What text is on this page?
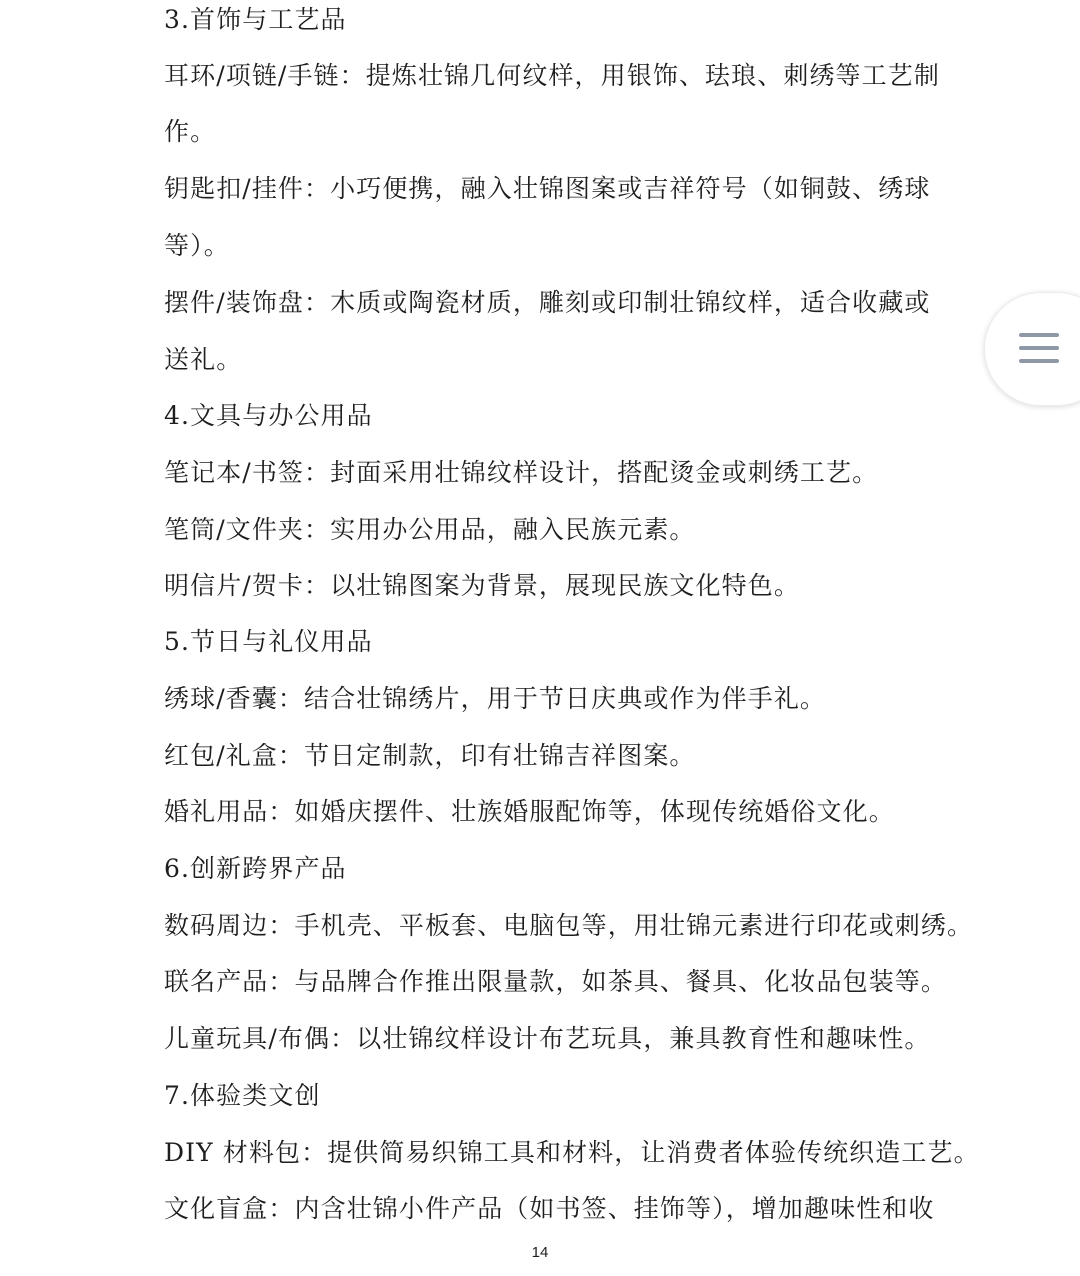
3.首饰与工艺品
耳环/项链/手链：提炼壮锦几何纹样，用银饰、珐琅、刺绣等工艺制
作。
钥匙扣/挂件：小巧便携，融入壮锦图案或吉祥符号（如铜鼓、绣球
等）。
摆件/装饰盘：木质或陶瓷材质，雕刻或印制壮锦纹样，适合收藏或
送礼。
4.文具与办公用品
笔记本/书签：封面采用壮锦纹样设计，搭配烫金或刺绣工艺。
笔筒/文件夹：实用办公用品，融入民族元素。
明信片/贺卡：以壮锦图案为背景，展现民族文化特色。
5.节日与礼仪用品
绣球/香囊：结合壮锦绣片，用于节日庆典或作为伴手礼。
红包/礼盒：节日定制款，印有壮锦吉祥图案。
婚礼用品：如婚庆摆件、壮族婚服配饰等，体现传统婚俗文化。
6.创新跨界产品
数码周边：手机壳、平板套、电脑包等，用壮锦元素进行印花或刺绣。
联名产品：与品牌合作推出限量款，如茶具、餐具、化妆品包装等。
儿童玩具/布偶：以壮锦纹样设计布艺玩具，兼具教育性和趣味性。
7.体验类文创
DIY 材料包：提供简易织锦工具和材料，让消费者体验传统织造工艺。
文化盲盒：内含壮锦小件产品（如书签、挂饰等），增加趣味性和收
14
